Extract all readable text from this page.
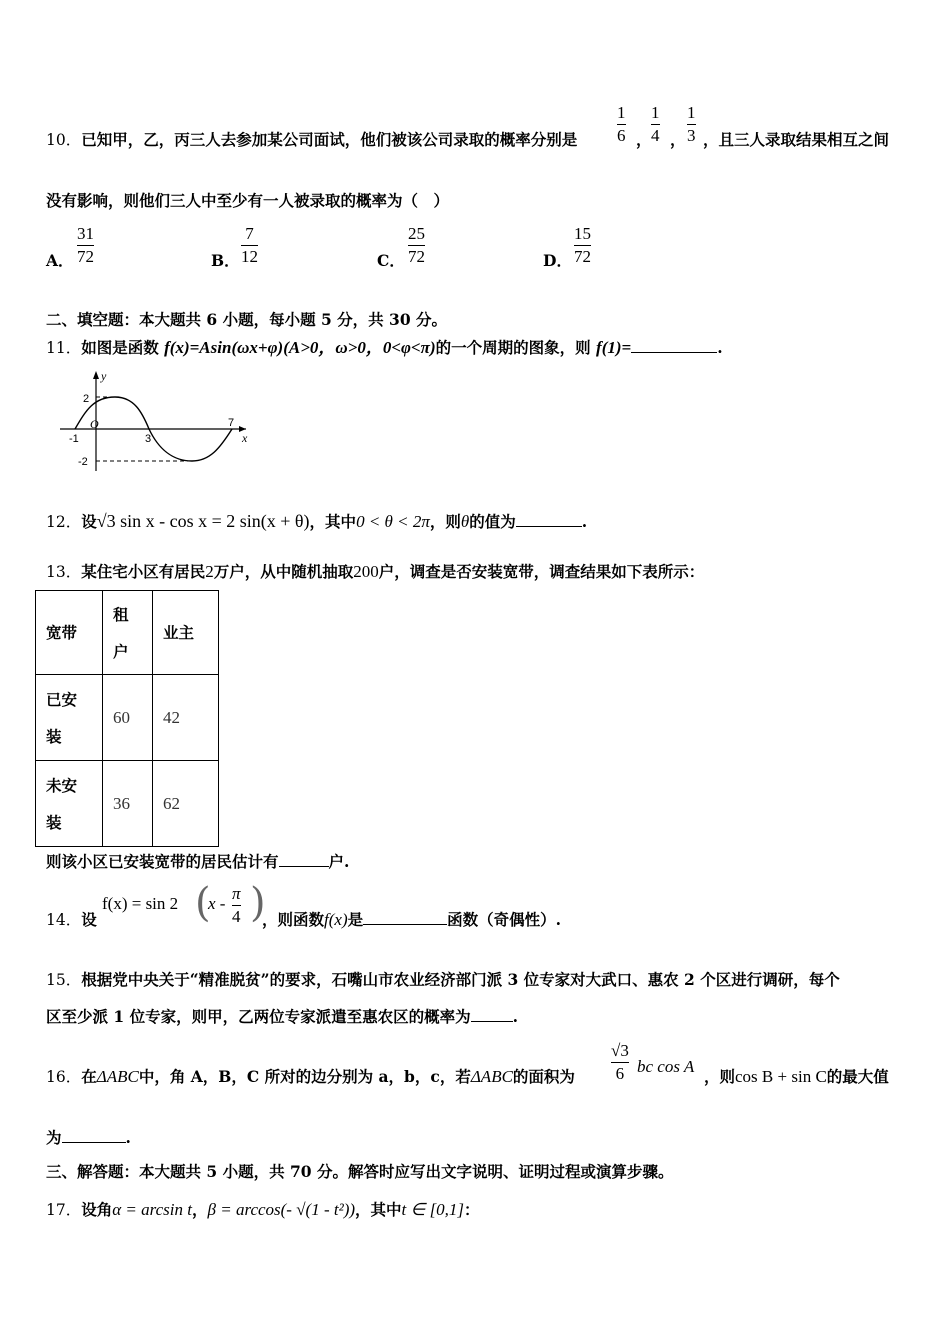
10．已知甲，乙，丙三人去参加某公司面试，他们被该公司录取的概率分别是
1
6 ，
1
4 ，
1
3 ，且三人录取结果相互之间
没有影响，则他们三人中至少有一人被录取的概率为（　）
A．
31
72	B．
7
12	C．
25
72	D．
15
72
二、填空题：本大题共 6 小题，每小题 5 分，共 30 分。
11．如图是函数 f(x)=Asin(ωx+φ)(A>0，ω>0，0<φ<π)的一个周期的图象，则 f(1)=	.
y
x
O
2
-2
-1	3
7
12．设√3 sin x - cos x = 2 sin(x + θ)，其中0 < θ < 2π，则θ的值为	.
13．某住宅小区有居民2万户，从中随机抽取200户，调查是否安装宽带，调查结果如下表所示：
宽带	租
户	业主
已安
装	60	42
未安
装	36	62
则该小区已安装宽带的居民估计有	户.
14．设
f(x) = sin 2 (
x -
π
4 )
，则函数f(x)是	函数（奇偶性）.
15．根据党中央关于“精准脱贫”的要求，石嘴山市农业经济部门派 3 位专家对大武口、惠农 2 个区进行调研，每个
区至少派 1 位专家，则甲，乙两位专家派遣至惠农区的概率为	.
16．在ΔABC中，角 A，B，C 所对的边分别为 a，b，c，若ΔABC的面积为
√3
6 bc cos A
，则cos B + sin C的最大值
为	.
三、解答题：本大题共 5 小题，共 70 分。解答时应写出文字说明、证明过程或演算步骤。
17．设角α = arcsin t，β = arccos(- √(1 - t²))，其中t ∈ [0,1]：
